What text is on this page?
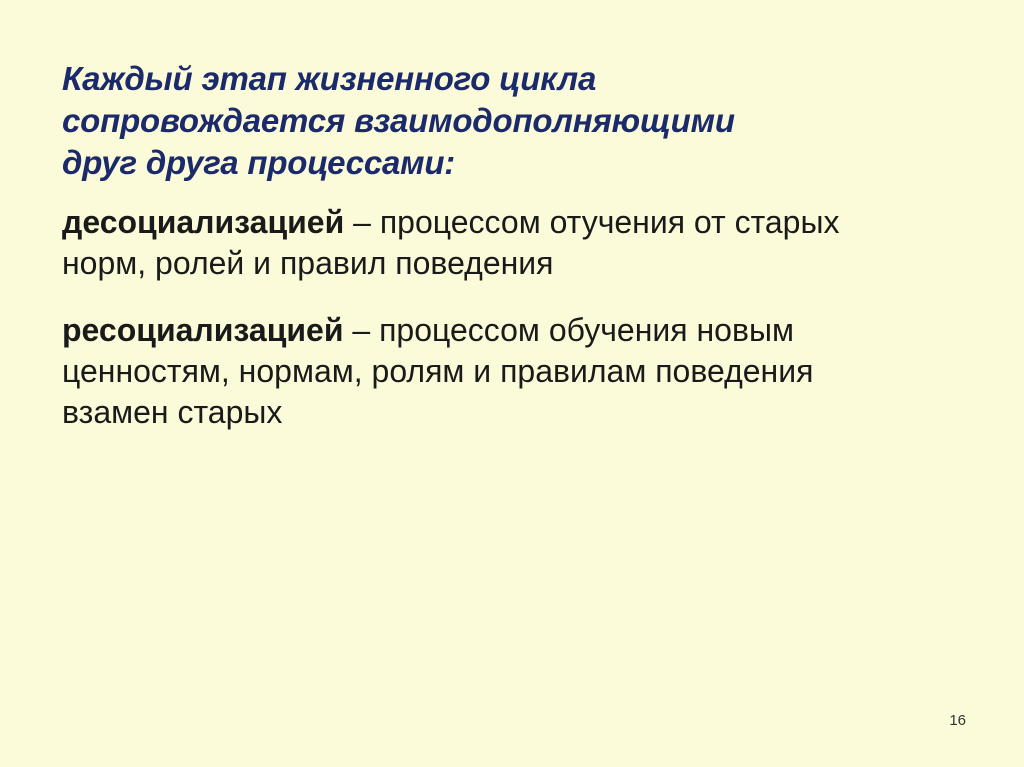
Каждый этап жизненного цикла сопровождается взаимодополняющими друг друга процессами:

десоциализацией – процессом отучения от старых норм, ролей и правил поведения

ресоциализацией – процессом обучения новым ценностям, нормам, ролям и правилам поведения взамен старых

16
